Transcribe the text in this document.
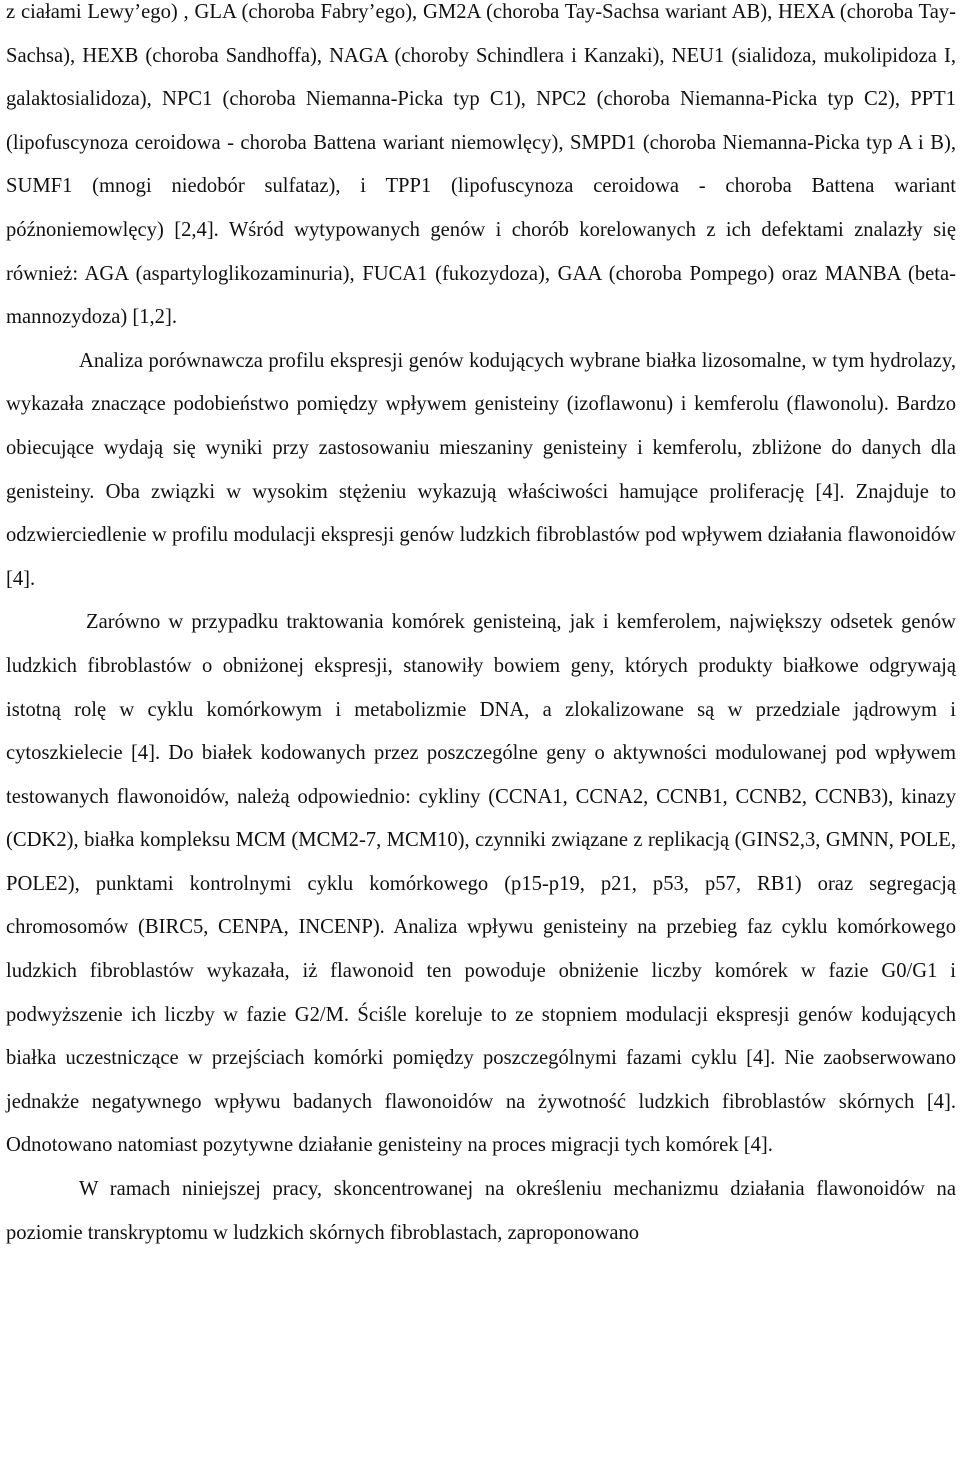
z ciałami Lewy’ego) , GLA (choroba Fabry’ego), GM2A (choroba Tay-Sachsa wariant AB), HEXA (choroba Tay-Sachsa), HEXB (choroba Sandhoffa), NAGA (choroby Schindlera i Kanzaki), NEU1 (sialidoza, mukolipidoza I, galaktosialidoza), NPC1 (choroba Niemanna-Picka typ C1), NPC2 (choroba Niemanna-Picka typ C2), PPT1 (lipofuscynoza ceroidowa - choroba Battena wariant niemowlęcy), SMPD1 (choroba Niemanna-Picka typ A i B), SUMF1 (mnogi niedobór sulfataz), i TPP1 (lipofuscynoza ceroidowa - choroba Battena wariant późnoniemowlęcy) [2,4]. Wśród wytypowanych genów i chorób korelowanych z ich defektami znalazły się również: AGA (aspartyloglikozaminuria), FUCA1 (fukozydoza), GAA (choroba Pompego) oraz MANBA (beta-mannozydoza) [1,2].

Analiza porównawcza profilu ekspresji genów kodujących wybrane białka lizosomalne, w tym hydrolazy, wykazała znaczące podobieństwo pomiędzy wpływem genisteiny (izoflawonu) i kemferolu (flawonolu). Bardzo obiecujące wydają się wyniki przy zastosowaniu mieszaniny genisteiny i kemferolu, zbliżone do danych dla genisteiny. Oba związki w wysokim stężeniu wykazują właściwości hamujące proliferację [4]. Znajduje to odzwierciedlenie w profilu modulacji ekspresji genów ludzkich fibroblastów pod wpływem działania flawonoidów [4].

Zarówno w przypadku traktowania komórek genisteiną, jak i kemferolem, największy odsetek genów ludzkich fibroblastów o obniżonej ekspresji, stanowiły bowiem geny, których produkty białkowe odgrywają istotną rolę w cyklu komórkowym i metabolizmie DNA, a zlokalizowane są w przedziale jądrowym i cytoszkielecie [4]. Do białek kodowanych przez poszczególne geny o aktywności modulowanej pod wpływem testowanych flawonoidów, należą odpowiednio: cykliny (CCNA1, CCNA2, CCNB1, CCNB2, CCNB3), kinazy (CDK2), białka kompleksu MCM (MCM2-7, MCM10), czynniki związane z replikacją (GINS2,3, GMNN, POLE, POLE2), punktami kontrolnymi cyklu komórkowego (p15-p19, p21, p53, p57, RB1) oraz segregacją chromosomów (BIRC5, CENPA, INCENP). Analiza wpływu genisteiny na przebieg faz cyklu komórkowego ludzkich fibroblastów wykazała, iż flawonoid ten powoduje obniżenie liczby komórek w fazie G0/G1 i podwyższenie ich liczby w fazie G2/M. Ściśle koreluje to ze stopniem modulacji ekspresji genów kodujących białka uczestniczące w przejściach komórki pomiędzy poszczególnymi fazami cyklu [4]. Nie zaobserwowano jednakże negatywnego wpływu badanych flawonoidów na żywotność ludzkich fibroblastów skórnych [4]. Odnotowano natomiast pozytywne działanie genisteiny na proces migracji tych komórek [4].

W ramach niniejszej pracy, skoncentrowanej na określeniu mechanizmu działania flawonoidów na poziomie transkryptomu w ludzkich skórnych fibroblastach, zaproponowano
